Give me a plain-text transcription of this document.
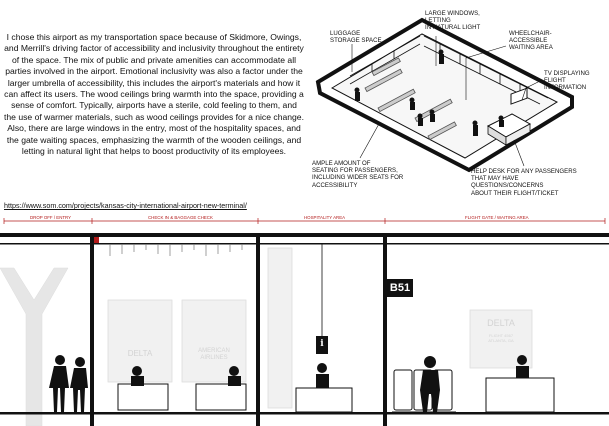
I chose this airport as my transportation space because of Skidmore, Owings, and Merrill's driving factor of accessibility and inclusivity throughout the entirety of the space. The mix of public and private amenities can accommodate all parties involved in the airport. Emotional inclusivity was also a factor under the larger umbrella of accessibility, this includes the airport's materials and how it can affect its users. The wood ceilings bring warmth into the space, providing a sense of comfort. Typically, airports have a sterile, cold feeling to them, and the use of warmer materials, such as wood ceilings provides for a nice change. Also, there are large windows in the entry, most of the hospitality spaces, and the gate waiting spaces, emphasizing the warmth of the wooden ceilings, and letting in natural light that helps to boost productivity of its employees.

https://www.som.com/projects/kansas-city-international-airport-new-terminal/
LUGGAGE
STORAGE SPACE
LARGE WINDOWS,
LETTING
IN NATURAL LIGHT
WHEELCHAIR-
ACCESSIBLE
WAITING AREA
TV DISPLAYING
FLIGHT
INFORMATION
AMPLE AMOUNT OF
SEATING FOR PASSENGERS,
INCLUDING WIDER SEATS FOR
ACCESSIBILITY
HELP DESK FOR ANY PASSENGERS
THAT MAY HAVE
QUESTIONS/CONCERNS
ABOUT THEIR FLIGHT/TICKET
DROP OFF / ENTRY	CHECK IN & BAGGAGE CHECK	HOSPITALITY AREA	FLIGHT GATE / WAITING AREA
DELTA	AMERICAN
AIRLINES
DELTA
FLIGHT 4567
ATLANTA, GA
B51
i
